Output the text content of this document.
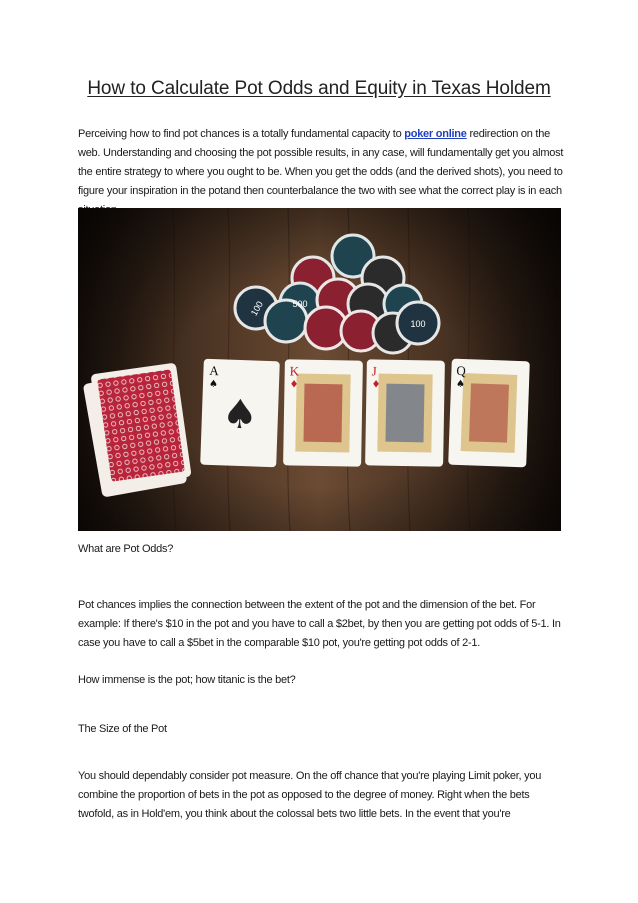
How to Calculate Pot Odds and Equity in Texas Holdem

Perceiving how to find pot chances is a totally fundamental capacity to poker online redirection on the web. Understanding and choosing the pot possible results, in any case, will fundamentally get you almost the entire strategy to where you ought to be. When you get the odds (and the derived shots), you need to figure your inspiration in the potand then counterbalance the two with see what the correct play is in each

500
100
100
A
♠
♠
K
♦
J
♦
Q
♠

What are Pot Odds?

Pot chances implies the connection between the extent of the pot and the dimension of the bet. For example: If there's $10 in the pot and you have to call a $2bet, by then you are getting pot odds of 5-1. In case you have to call a $5bet in the comparable $10 pot, you're getting pot odds of 2-1.

How immense is the pot; how titanic is the bet?

The Size of the Pot

You should dependably consider pot measure. On the off chance that you're playing Limit poker, you combine the proportion of bets in the pot as opposed to the degree of money. Right when the bets twofold, as in Hold'em, you think about the colossal bets two little bets. In the event that you're
